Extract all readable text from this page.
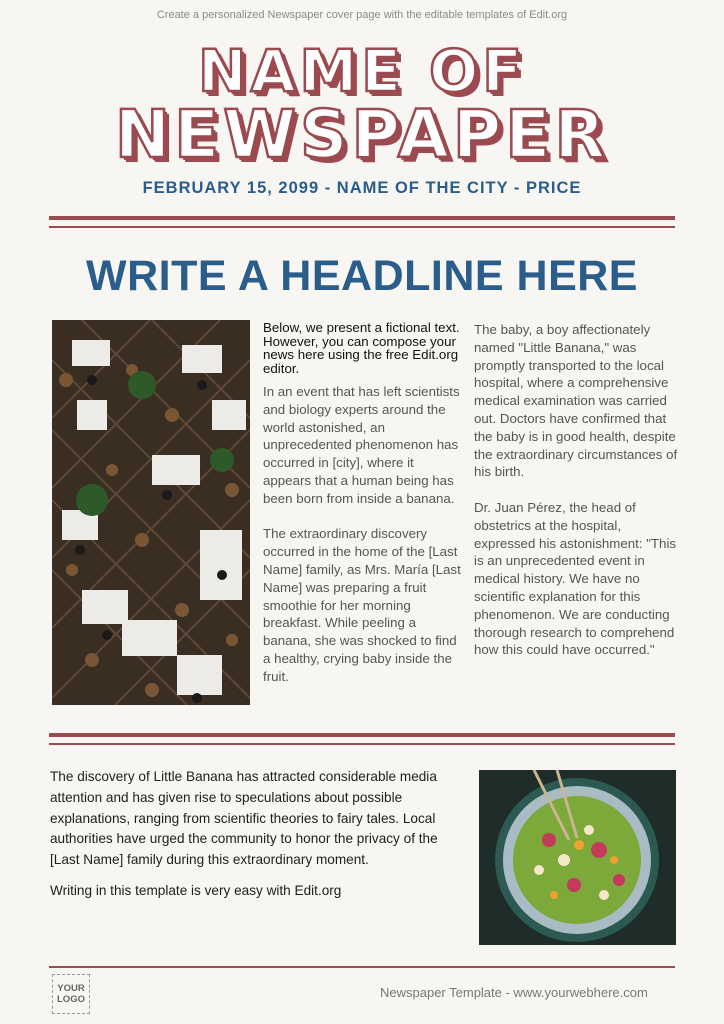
Create a personalized Newspaper cover page with the editable templates of Edit.org
NAME OF
NEWSPAPER
FEBRUARY 15, 2099 - NAME OF THE CITY - PRICE
WRITE A HEADLINE HERE

Below, we present a fictional text. However, you can compose your news here using the free Edit.org editor.

In an event that has left scientists and biology experts around the world astonished, an unprecedented phenomenon has occurred in [city], where it appears that a human being has been born from inside a banana.

The extraordinary discovery occurred in the home of the [Last Name] family, as Mrs. María [Last Name] was preparing a fruit smoothie for her morning breakfast. While peeling a banana, she was shocked to find a healthy, crying baby inside the fruit.

The baby, a boy affectionately named "Little Banana," was promptly transported to the local hospital, where a comprehensive medical examination was carried out. Doctors have confirmed that the baby is in good health, despite the extraordinary circumstances of his birth.

Dr. Juan Pérez, the head of obstetrics at the hospital, expressed his astonishment: "This is an unprecedented event in medical history. We have no scientific explanation for this phenomenon. We are conducting thorough research to comprehend how this could have occurred."

The discovery of Little Banana has attracted considerable media attention and has given rise to speculations about possible explanations, ranging from scientific theories to fairy tales. Local authorities have urged the community to honor the privacy of the [Last Name] family during this extraordinary moment.

Writing in this template is very easy with Edit.org

YOUR
LOGO	Newspaper Template - www.yourwebhere.com
